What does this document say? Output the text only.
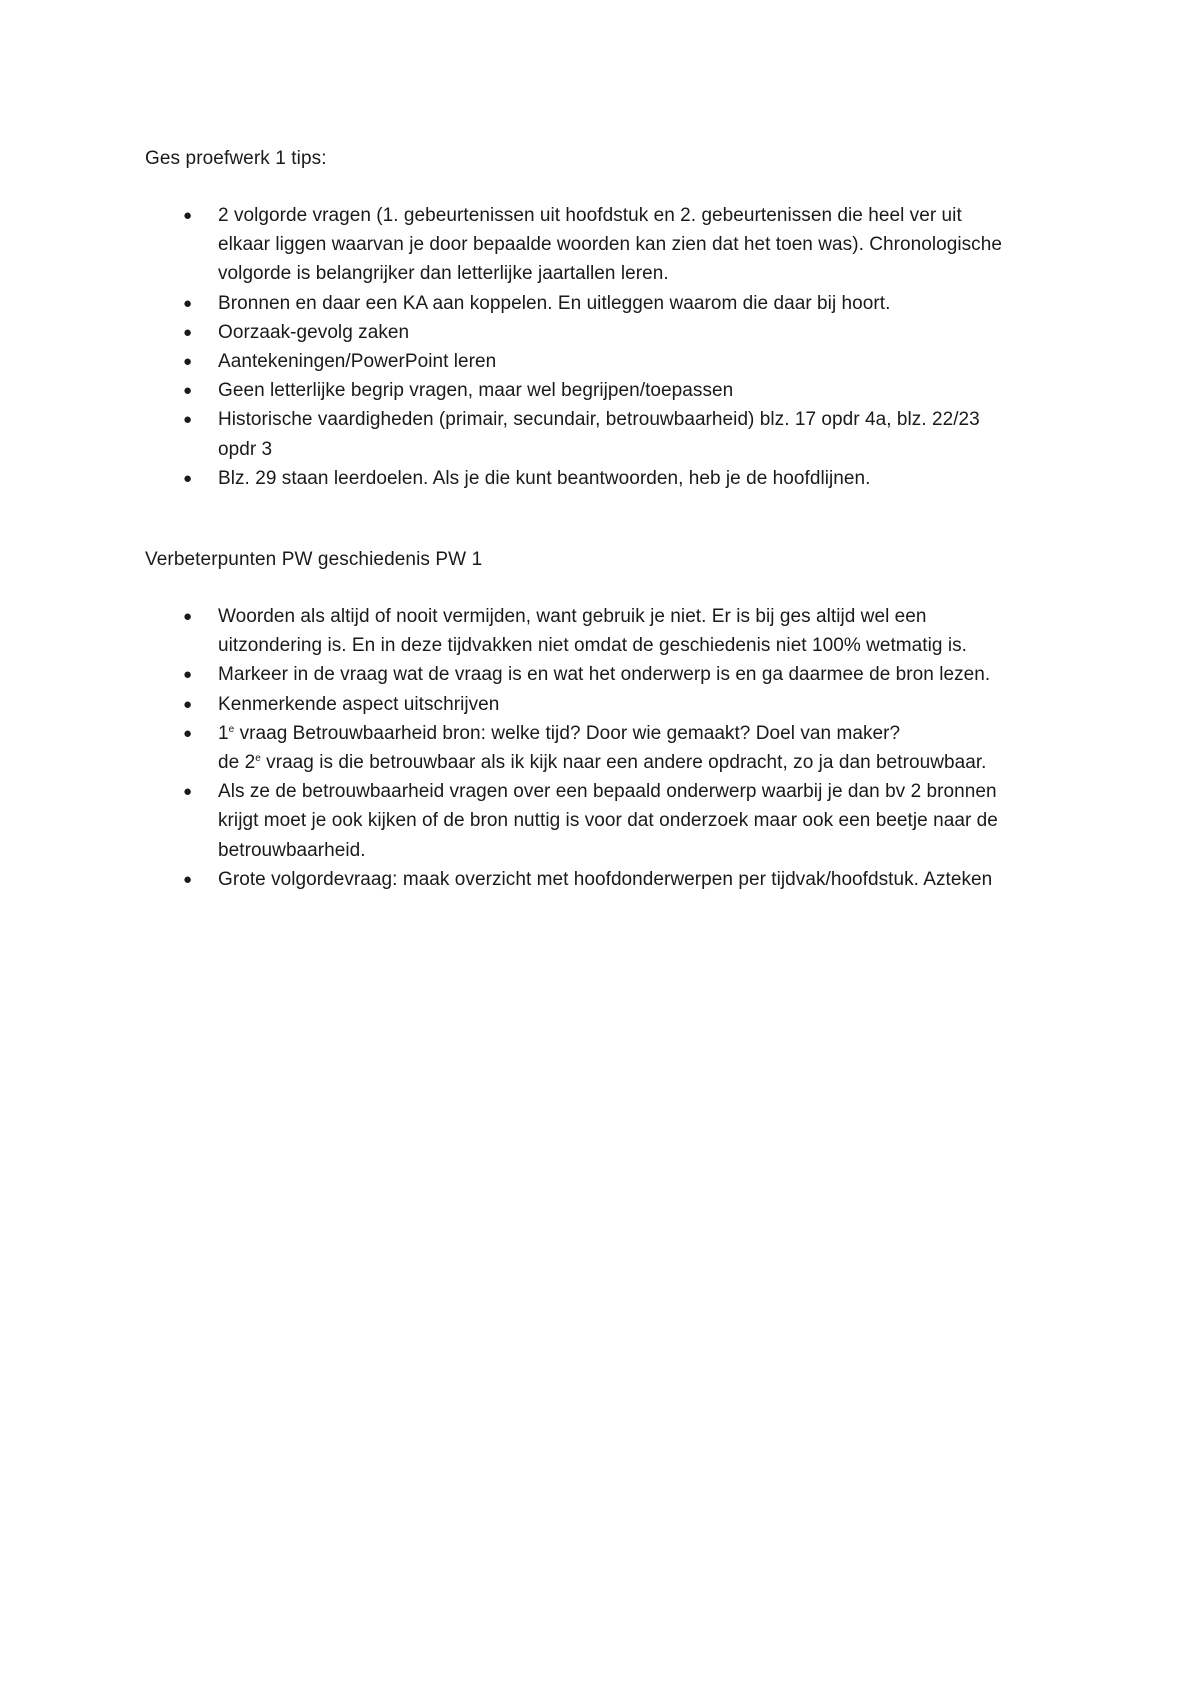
Ges proefwerk 1 tips:

● 2 volgorde vragen (1. gebeurtenissen uit hoofdstuk en 2. gebeurtenissen die heel ver uit
elkaar liggen waarvan je door bepaalde woorden kan zien dat het toen was). Chronologische
volgorde is belangrijker dan letterlijke jaartallen leren.
● Bronnen en daar een KA aan koppelen. En uitleggen waarom die daar bij hoort.
● Oorzaak-gevolg zaken
● Aantekeningen/PowerPoint leren
● Geen letterlijke begrip vragen, maar wel begrijpen/toepassen
● Historische vaardigheden (primair, secundair, betrouwbaarheid) blz. 17 opdr 4a, blz. 22/23
opdr 3
● Blz. 29 staan leerdoelen. Als je die kunt beantwoorden, heb je de hoofdlijnen.

Verbeterpunten PW geschiedenis PW 1

● Woorden als altijd of nooit vermijden, want gebruik je niet. Er is bij ges altijd wel een
uitzondering is. En in deze tijdvakken niet omdat de geschiedenis niet 100% wetmatig is.
● Markeer in de vraag wat de vraag is en wat het onderwerp is en ga daarmee de bron lezen.
● Kenmerkende aspect uitschrijven
● 1e vraag Betrouwbaarheid bron: welke tijd? Door wie gemaakt? Doel van maker?
de 2e vraag is die betrouwbaar als ik kijk naar een andere opdracht, zo ja dan betrouwbaar.
● Als ze de betrouwbaarheid vragen over een bepaald onderwerp waarbij je dan bv 2 bronnen
krijgt moet je ook kijken of de bron nuttig is voor dat onderzoek maar ook een beetje naar de
betrouwbaarheid.
● Grote volgordevraag: maak overzicht met hoofdonderwerpen per tijdvak/hoofdstuk. Azteken
